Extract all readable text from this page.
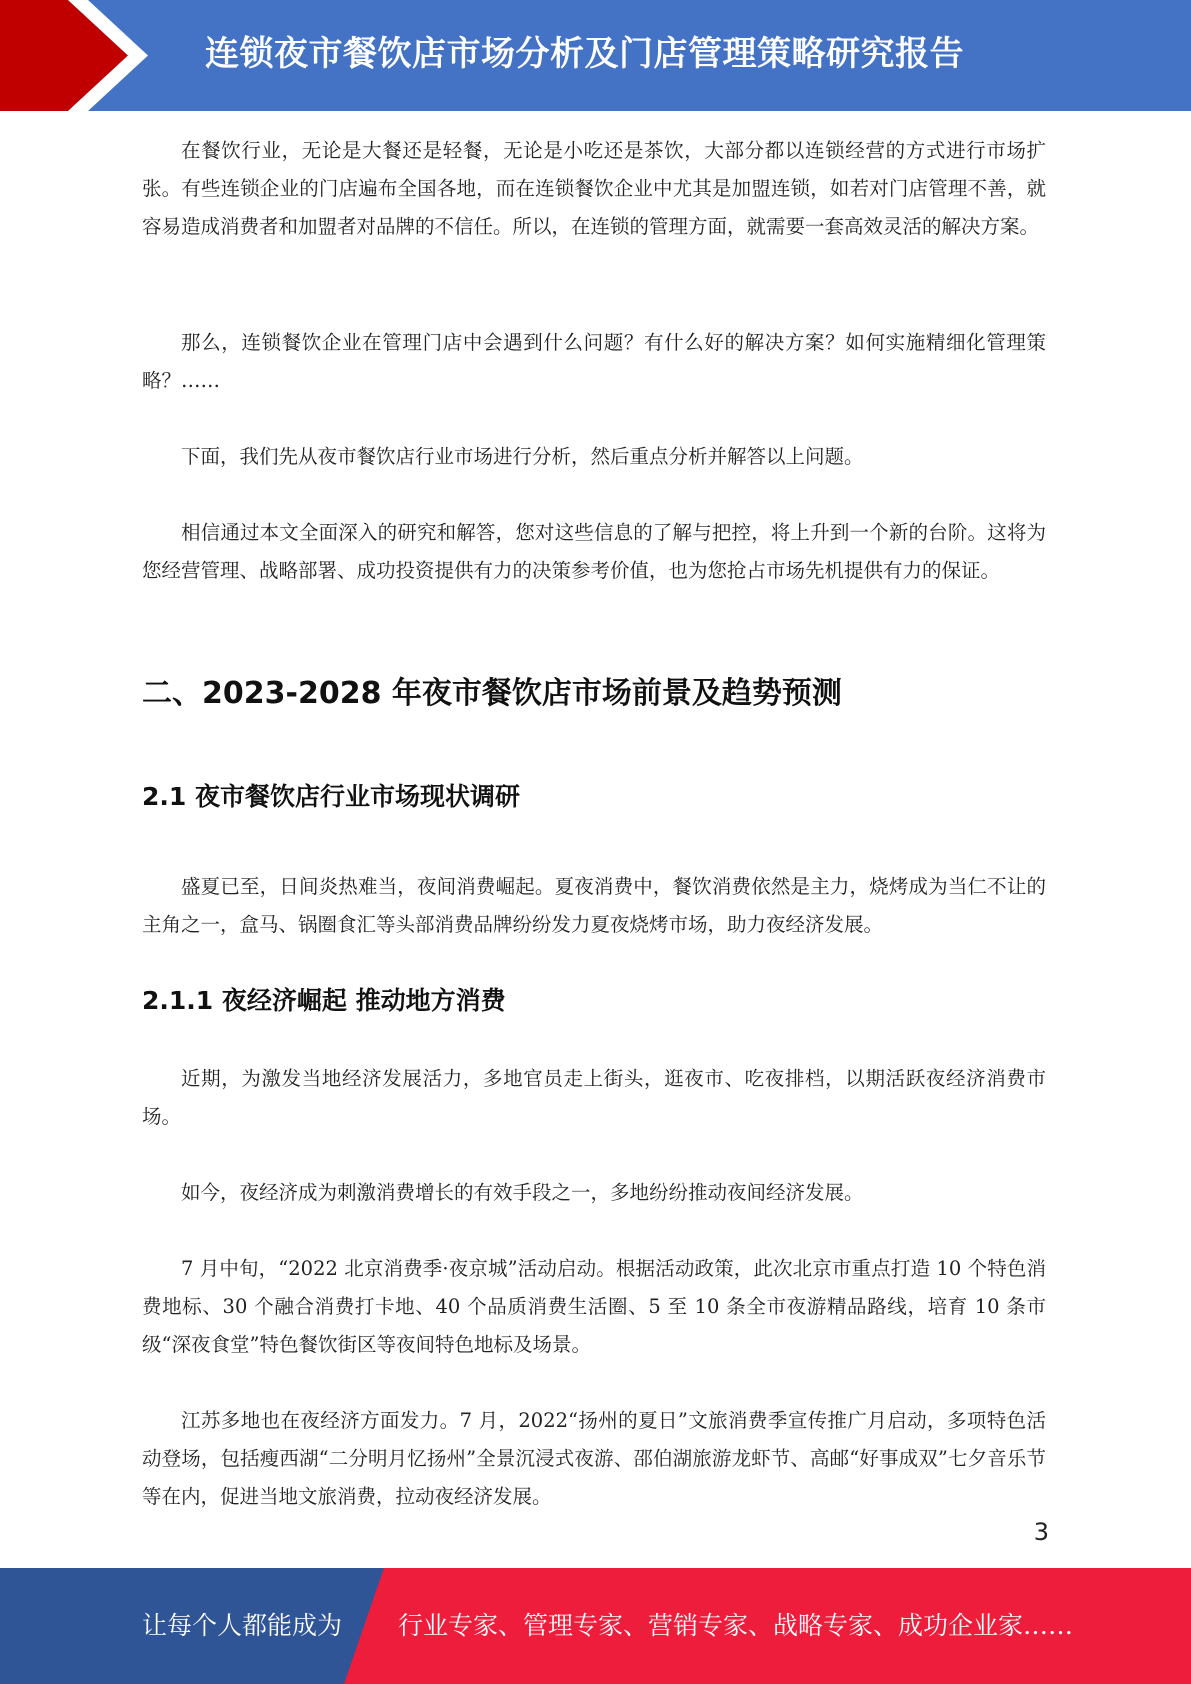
连锁夜市餐饮店市场分析及门店管理策略研究报告

在餐饮行业，无论是大餐还是轻餐，无论是小吃还是茶饮，大部分都以连锁经营的方式进行市场扩张。有些连锁企业的门店遍布全国各地，而在连锁餐饮企业中尤其是加盟连锁，如若对门店管理不善，就容易造成消费者和加盟者对品牌的不信任。所以，在连锁的管理方面，就需要一套高效灵活的解决方案。

那么，连锁餐饮企业在管理门店中会遇到什么问题？有什么好的解决方案？如何实施精细化管理策略？……

下面，我们先从夜市餐饮店行业市场进行分析，然后重点分析并解答以上问题。

相信通过本文全面深入的研究和解答，您对这些信息的了解与把控，将上升到一个新的台阶。这将为您经营管理、战略部署、成功投资提供有力的决策参考价值，也为您抢占市场先机提供有力的保证。

二、2023-2028 年夜市餐饮店市场前景及趋势预测
2.1 夜市餐饮店行业市场现状调研

盛夏已至，日间炎热难当，夜间消费崛起。夏夜消费中，餐饮消费依然是主力，烧烤成为当仁不让的主角之一，盒马、锅圈食汇等头部消费品牌纷纷发力夏夜烧烤市场，助力夜经济发展。

2.1.1 夜经济崛起 推动地方消费

近期，为激发当地经济发展活力，多地官员走上街头，逛夜市、吃夜排档，以期活跃夜经济消费市场。

如今，夜经济成为刺激消费增长的有效手段之一，多地纷纷推动夜间经济发展。

7 月中旬，“2022 北京消费季·夜京城”活动启动。根据活动政策，此次北京市重点打造 10 个特色消费地标、30 个融合消费打卡地、40 个品质消费生活圈、5 至 10 条全市夜游精品路线，培育 10 条市级“深夜食堂”特色餐饮街区等夜间特色地标及场景。

江苏多地也在夜经济方面发力。7 月，2022“扬州的夏日”文旅消费季宣传推广月启动，多项特色活动登场，包括瘦西湖“二分明月忆扬州”全景沉浸式夜游、邵伯湖旅游龙虾节、高邮“好事成双”七夕音乐节等在内，促进当地文旅消费，拉动夜经济发展。

3
让每个人都能成为 行业专家、管理专家、营销专家、战略专家、成功企业家……
